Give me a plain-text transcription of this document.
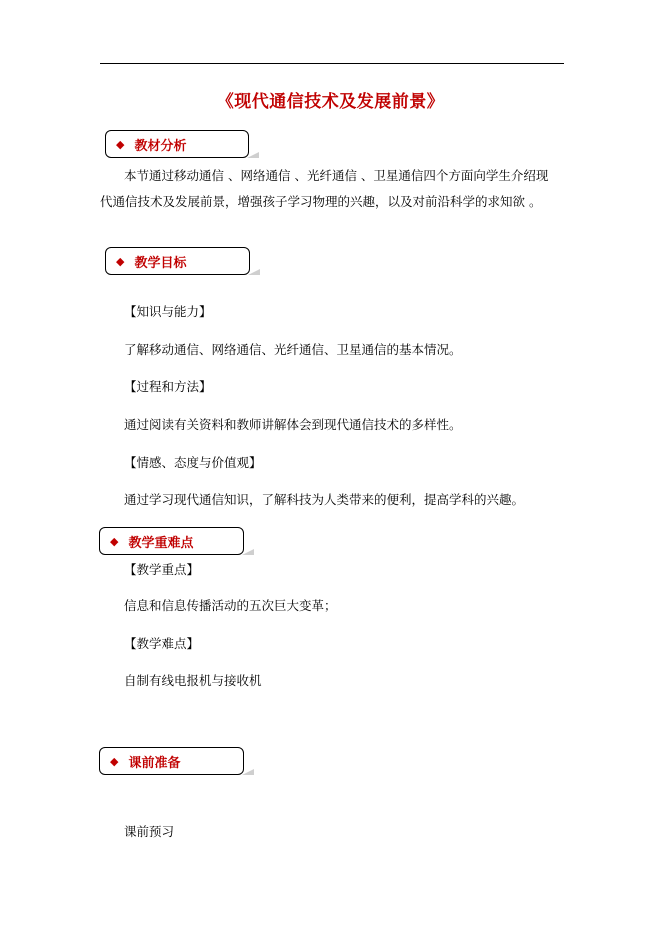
《现代通信技术及发展前景》
◆ 教材分析
本节通过移动通信 、网络通信 、光纤通信 、卫星通信四个方面向学生介绍现
代通信技术及发展前景，增强孩子学习物理的兴趣，以及对前沿科学的求知欲 。
◆ 教学目标
【知识与能力】
了解移动通信、网络通信、光纤通信、卫星通信的基本情况。
【过程和方法】
通过阅读有关资料和教师讲解体会到现代通信技术的多样性。
【情感、态度与价值观】
通过学习现代通信知识，了解科技为人类带来的便利，提高学科的兴趣。
◆ 教学重难点
【教学重点】
信息和信息传播活动的五次巨大变革；
【教学难点】
自制有线电报机与接收机
◆ 课前准备
课前预习
